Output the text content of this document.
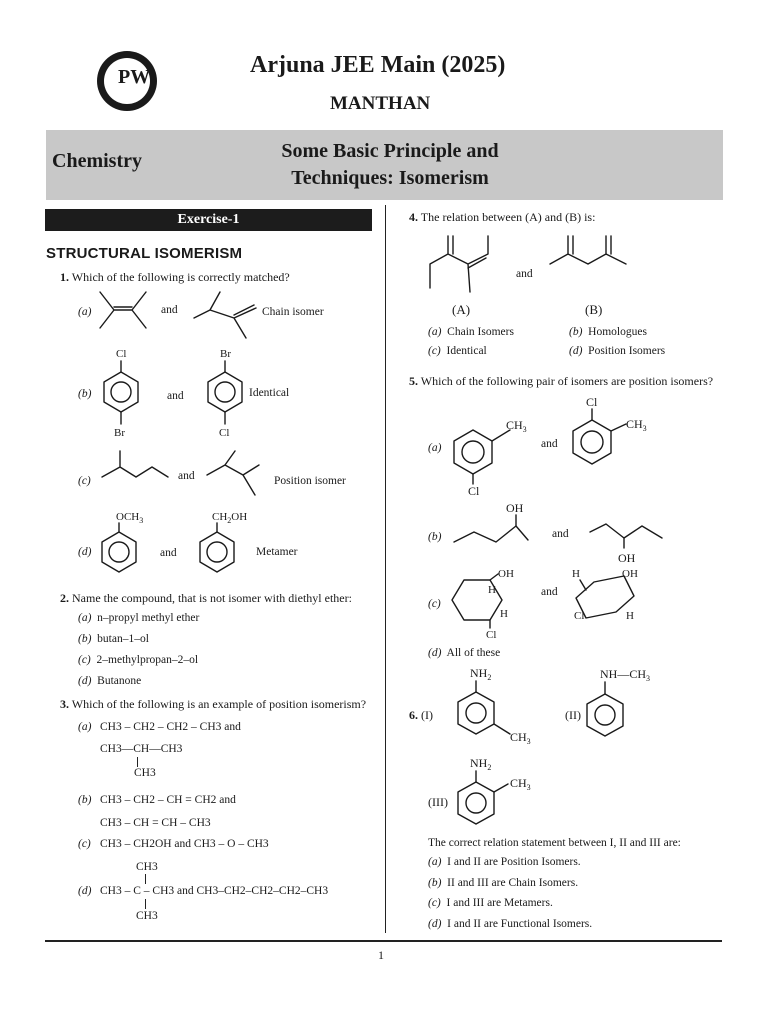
PW	Arjuna JEE Main (2025)
MANTHAN
Chemistry	Some Basic Principle and
Techniques: Isomerism
Exercise-1
STRUCTURAL ISOMERISM
1. Which of the following is correctly matched?
(a)	and	Chain isomer
(b)
Cl
Br
and
Br
Cl
Identical
(c)	and	Position isomer
(d)
$OCH_3$
and
$CH_2OH$
Metamer
2. Name the compound, that is not isomer with diethyl ether:
(a) n–propyl methyl ether
(b) butan–1–ol
(c) 2–methylpropan–2–ol
(d) Butanone
3. Which of the following is an example of position isomerism?
(a) CH3 – CH2 – CH2 – CH3 and
CH3—CH—CH3
CH3
(b) CH3 – CH2 – CH = CH2 and
CH3 – CH = CH – CH3
(c) CH3 – CH2OH and CH3 – O – CH3
CH3
(d) CH3 – C – CH3 and CH3–CH2–CH2–CH2–CH3
CH3
4. The relation between (A) and (B) is:
and
(A)	(B)
(a) Chain Isomers	(b) Homologues
(c) Identical	(d) Position Isomers
5. Which of the following pair of isomers are position isomers?
(a)
$CH_3$
Cl
and
Cl
$CH_3$
(b)
OH
and
OH
(c)
OH
H
H
Cl
and
H	OH
Cl	H
(d) All of these
6. (I)
$NH_2$
$CH_3$
(II)
$NH—CH_3$
(III)
$NH_2$
$CH_3$
The correct relation statement between I, II and III are:
(a) I and II are Position Isomers.
(b) II and III are Chain Isomers.
(c) I and III are Metamers.
(d) I and II are Functional Isomers.
1
